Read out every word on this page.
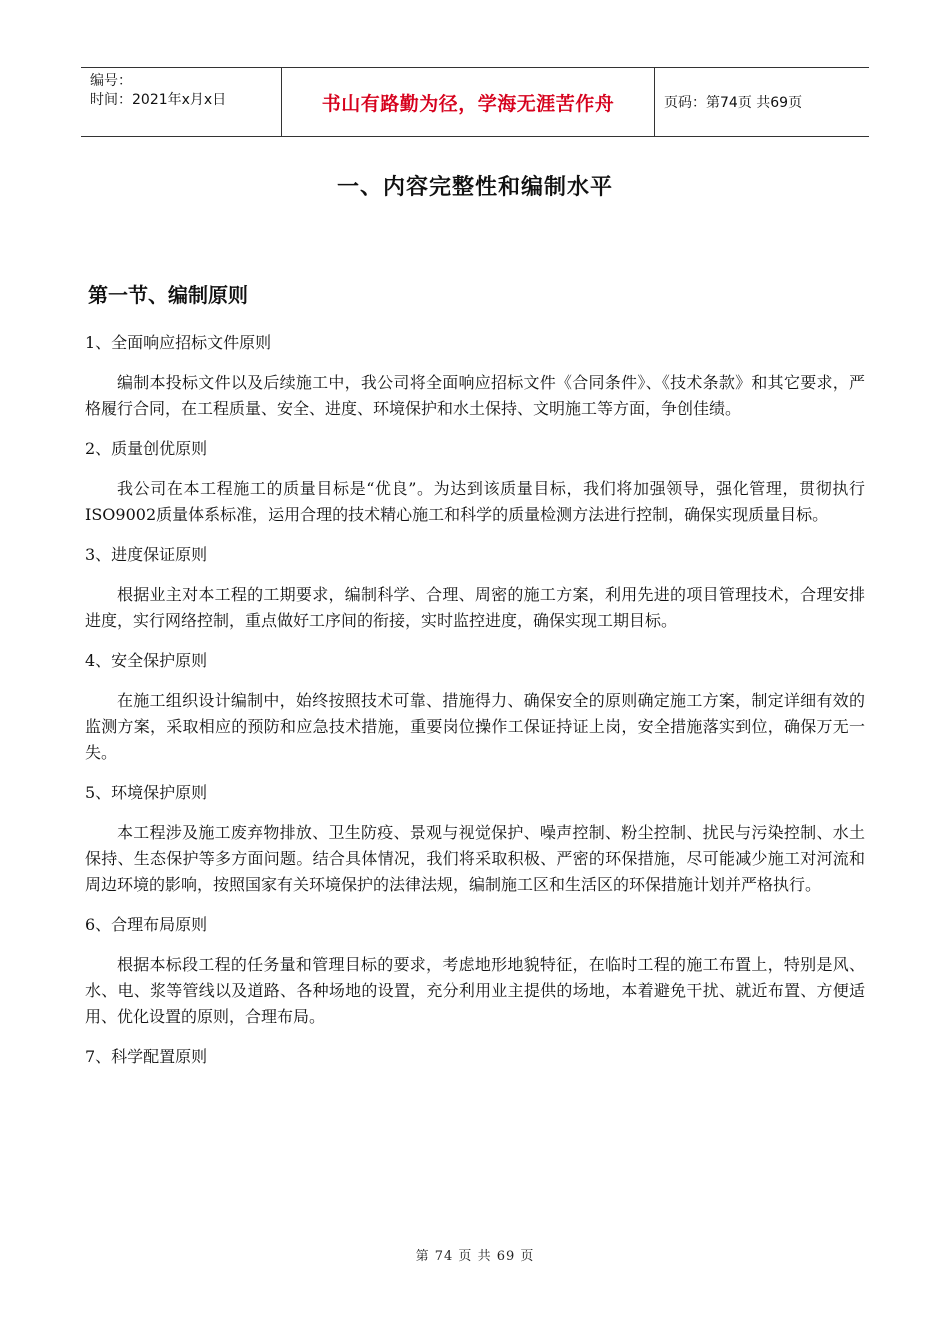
编号：
时间：2021年x月x日	书山有路勤为径，学海无涯苦作舟	页码：第74页 共69页
一、内容完整性和编制水平
第一节、编制原则
1、全面响应招标文件原则
编制本投标文件以及后续施工中，我公司将全面响应招标文件《合同条件》、《技术条款》和其它要求，严格履行合同，在工程质量、安全、进度、环境保护和水土保持、文明施工等方面，争创佳绩。
2、质量创优原则
我公司在本工程施工的质量目标是“优良”。为达到该质量目标，我们将加强领导，强化管理，贯彻执行ISO9002质量体系标准，运用合理的技术精心施工和科学的质量检测方法进行控制，确保实现质量目标。
3、进度保证原则
根据业主对本工程的工期要求，编制科学、合理、周密的施工方案，利用先进的项目管理技术，合理安排进度，实行网络控制，重点做好工序间的衔接，实时监控进度，确保实现工期目标。
4、安全保护原则
在施工组织设计编制中，始终按照技术可靠、措施得力、确保安全的原则确定施工方案，制定详细有效的监测方案，采取相应的预防和应急技术措施，重要岗位操作工保证持证上岗，安全措施落实到位，确保万无一失。
5、环境保护原则
本工程涉及施工废弃物排放、卫生防疫、景观与视觉保护、噪声控制、粉尘控制、扰民与污染控制、水土保持、生态保护等多方面问题。结合具体情况，我们将采取积极、严密的环保措施，尽可能减少施工对河流和周边环境的影响，按照国家有关环境保护的法律法规，编制施工区和生活区的环保措施计划并严格执行。
6、合理布局原则
根据本标段工程的任务量和管理目标的要求，考虑地形地貌特征，在临时工程的施工布置上，特别是风、水、电、浆等管线以及道路、各种场地的设置，充分利用业主提供的场地，本着避免干扰、就近布置、方便适用、优化设置的原则，合理布局。
7、科学配置原则
第 74 页 共 69 页
